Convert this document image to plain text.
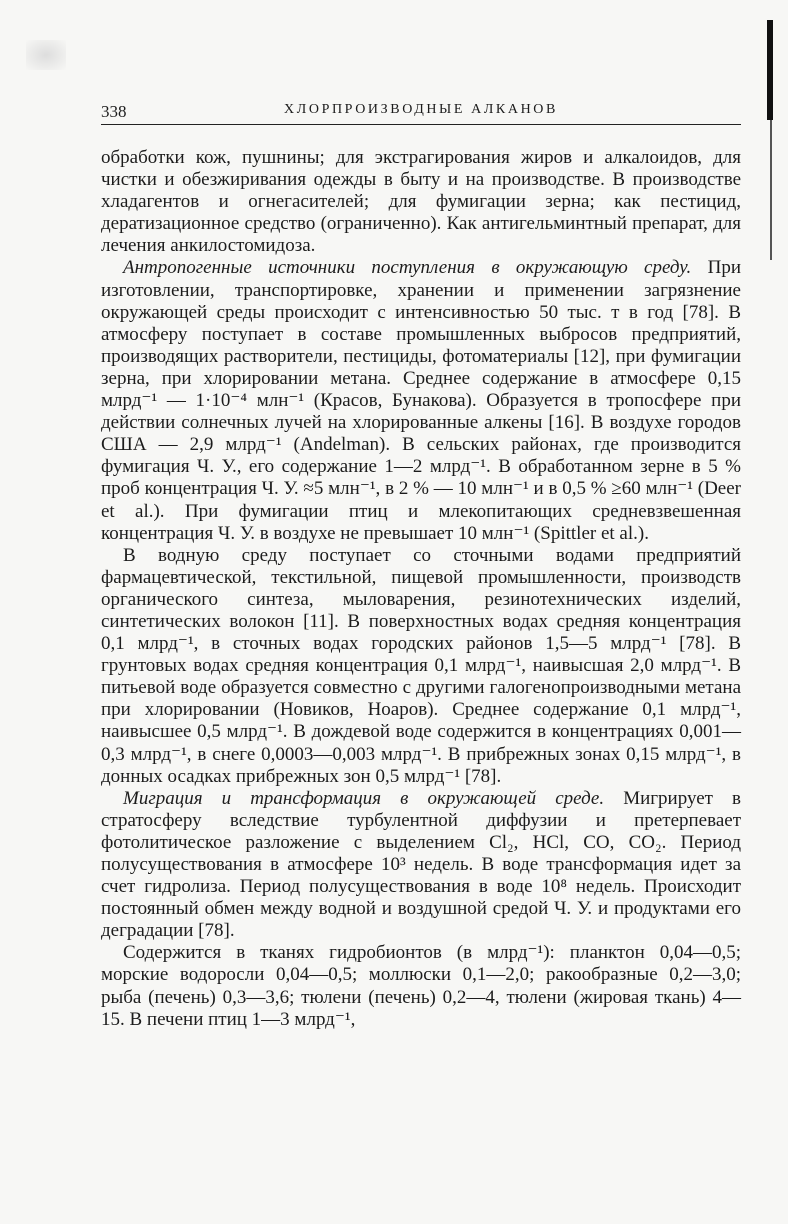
338	ХЛОРПРОИЗВОДНЫЕ АЛКАНОВ

обработки кож, пушнины; для экстрагирования жиров и алкалоидов, для чистки и обезжиривания одежды в быту и на производстве. В производстве хладагентов и огнегасителей; для фумигации зерна; как пестицид, дератизационное средство (ограниченно). Как антигельминтный препарат, для лечения анкилостомидоза.

Антропогенные источники поступления в окружающую среду. При изготовлении, транспортировке, хранении и применении загрязнение окружающей среды происходит с интенсивностью 50 тыс. т в год [78]. В атмосферу поступает в составе промышленных выбросов предприятий, производящих растворители, пестициды, фотоматериалы [12], при фумигации зерна, при хлорировании метана. Среднее содержание в атмосфере 0,15 млрд⁻¹ — 1·10⁻⁴ млн⁻¹ (Красов, Бунакова). Образуется в тропосфере при действии солнечных лучей на хлорированные алкены [16]. В воздухе городов США — 2,9 млрд⁻¹ (Andelman). В сельских районах, где производится фумигация Ч. У., его содержание 1—2 млрд⁻¹. В обработанном зерне в 5 % проб концентрация Ч. У. ≈5 млн⁻¹, в 2 % — 10 млн⁻¹ и в 0,5 % ≥60 млн⁻¹ (Deer et al.). При фумигации птиц и млекопитающих средневзвешенная концентрация Ч. У. в воздухе не превышает 10 млн⁻¹ (Spittler et al.).

В водную среду поступает со сточными водами предприятий фармацевтической, текстильной, пищевой промышленности, производств органического синтеза, мыловарения, резинотехнических изделий, синтетических волокон [11]. В поверхностных водах средняя концентрация 0,1 млрд⁻¹, в сточных водах городских районов 1,5—5 млрд⁻¹ [78]. В грунтовых водах средняя концентрация 0,1 млрд⁻¹, наивысшая 2,0 млрд⁻¹. В питьевой воде образуется совместно с другими галогенопроизводными метана при хлорировании (Новиков, Ноаров). Среднее содержание 0,1 млрд⁻¹, наивысшее 0,5 млрд⁻¹. В дождевой воде содержится в концентрациях 0,001—0,3 млрд⁻¹, в снеге 0,0003—0,003 млрд⁻¹. В прибрежных зонах 0,15 млрд⁻¹, в донных осадках прибрежных зон 0,5 млрд⁻¹ [78].

Миграция и трансформация в окружающей среде. Мигрирует в стратосферу вследствие турбулентной диффузии и претерпевает фотолитическое разложение с выделением Cl₂, HCl, CO, CO₂. Период полусуществования в атмосфере 10³ недель. В воде трансформация идет за счет гидролиза. Период полусуществования в воде 10⁸ недель. Происходит постоянный обмен между водной и воздушной средой Ч. У. и продуктами его деградации [78].

Содержится в тканях гидробионтов (в млрд⁻¹): планктон 0,04—0,5; морские водоросли 0,04—0,5; моллюски 0,1—2,0; ракообразные 0,2—3,0; рыба (печень) 0,3—3,6; тюлени (печень) 0,2—4, тюлени (жировая ткань) 4—15. В печени птиц 1—3 млрд⁻¹,
